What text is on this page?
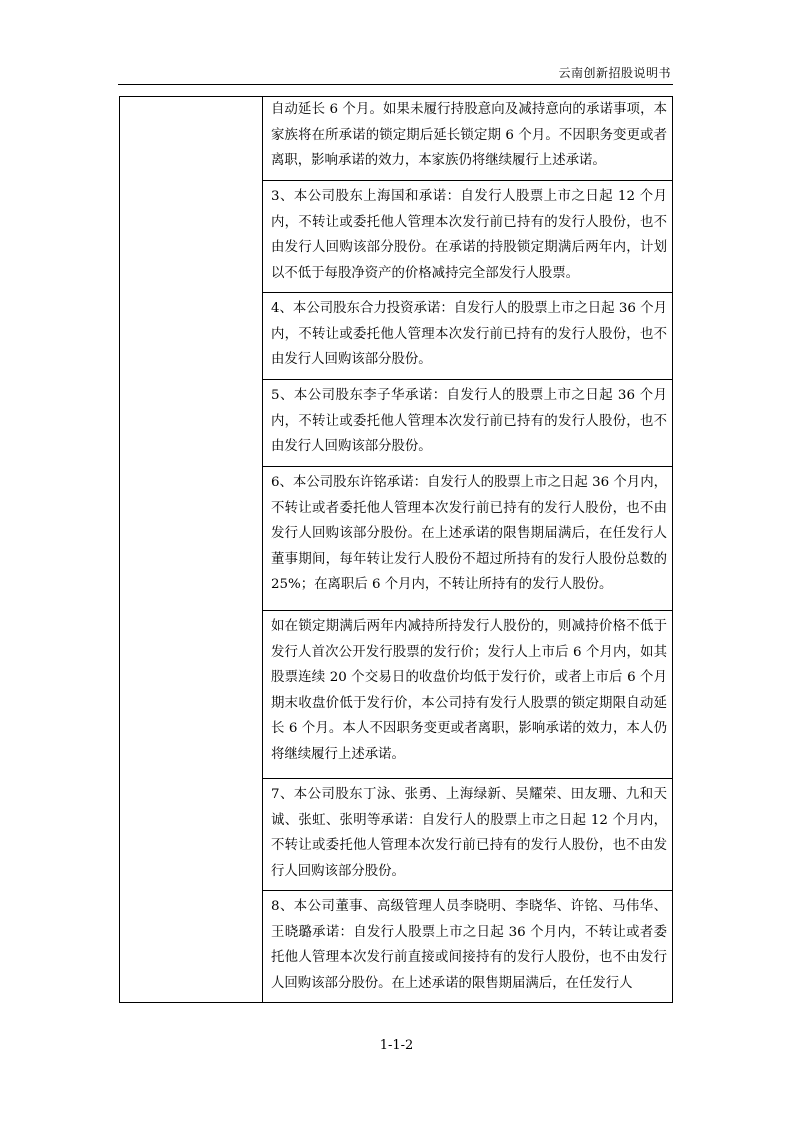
云南创新招股说明书
自动延长 6 个月。如果未履行持股意向及减持意向的承诺事项，本家族将在所承诺的锁定期后延长锁定期 6 个月。不因职务变更或者离职，影响承诺的效力，本家族仍将继续履行上述承诺。
3、本公司股东上海国和承诺：自发行人股票上市之日起 12 个月内，不转让或委托他人管理本次发行前已持有的发行人股份，也不由发行人回购该部分股份。在承诺的持股锁定期满后两年内，计划以不低于每股净资产的价格减持完全部发行人股票。
4、本公司股东合力投资承诺：自发行人的股票上市之日起 36 个月内，不转让或委托他人管理本次发行前已持有的发行人股份，也不由发行人回购该部分股份。
5、本公司股东李子华承诺：自发行人的股票上市之日起 36 个月内，不转让或委托他人管理本次发行前已持有的发行人股份，也不由发行人回购该部分股份。
6、本公司股东许铭承诺：自发行人的股票上市之日起 36 个月内，不转让或者委托他人管理本次发行前已持有的发行人股份，也不由发行人回购该部分股份。在上述承诺的限售期届满后，在任发行人董事期间，每年转让发行人股份不超过所持有的发行人股份总数的 25%；在离职后 6 个月内，不转让所持有的发行人股份。
如在锁定期满后两年内减持所持发行人股份的，则减持价格不低于发行人首次公开发行股票的发行价；发行人上市后 6 个月内，如其股票连续 20 个交易日的收盘价均低于发行价，或者上市后 6 个月期末收盘价低于发行价，本公司持有发行人股票的锁定期限自动延长 6 个月。本人不因职务变更或者离职，影响承诺的效力，本人仍将继续履行上述承诺。
7、本公司股东丁泳、张勇、上海绿新、吴耀荣、田友珊、九和天诚、张虹、张明等承诺：自发行人的股票上市之日起 12 个月内，不转让或委托他人管理本次发行前已持有的发行人股份，也不由发行人回购该部分股份。
8、本公司董事、高级管理人员李晓明、李晓华、许铭、马伟华、王晓璐承诺：自发行人股票上市之日起 36 个月内，不转让或者委托他人管理本次发行前直接或间接持有的发行人股份，也不由发行人回购该部分股份。在上述承诺的限售期届满后，在任发行人
1-1-2
